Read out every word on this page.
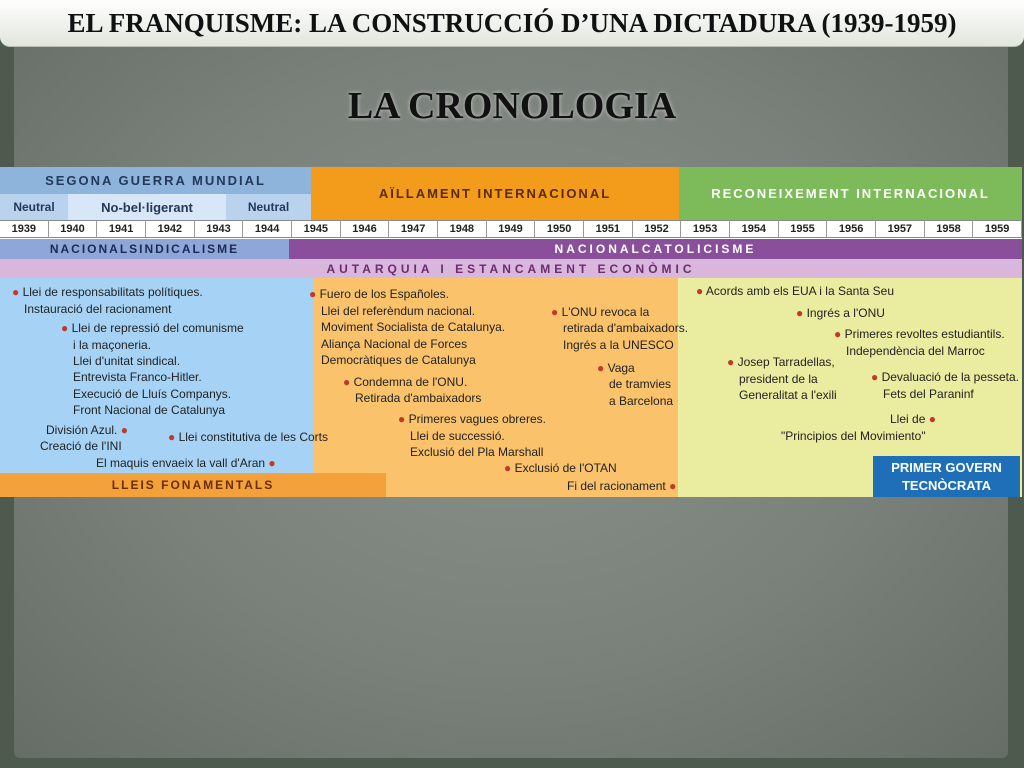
EL FRANQUISME: LA CONSTRUCCIÓ D’UNA DICTADURA (1939-1959)
LA CRONOLOGIA
SEGONA GUERRA MUNDIAL
AÏLLAMENT INTERNACIONAL	RECONEIXEMENT INTERNACIONAL
Neutral	No-bel·ligerant	Neutral
1939	1940	1941	1942	1943	1944	1945	1946	1947	1948	1949	1950	1951	1952	1953	1954	1955	1956	1957	1958	1959
NACIONALSINDICALISME	NACIONALCATOLICISME
AUTARQUIA I ESTANCAMENT ECONÒMIC
LLEIS FONAMENTALS
PRIMER GOVERN
TECNÒCRATA
● Llei de responsabilitats polítiques.
Instauració del racionament
● Llei de repressió del comunisme
i la maçoneria.
Llei d'unitat sindical.
Entrevista Franco-Hitler.
Execució de Lluís Companys.
Front Nacional de Catalunya
División Azul. ●
Creació de l'INI
● Llei constitutiva de les Corts
El maquis envaeix la vall d'Aran ●
● Fuero de los Españoles.
Llei del referèndum nacional.
Moviment Socialista de Catalunya.
Aliança Nacional de Forces
Democràtiques de Catalunya
● Condemna de l'ONU.
Retirada d'ambaixadors
● Primeres vagues obreres.
Llei de successió.
Exclusió del Pla Marshall
● L'ONU revoca la
retirada d'ambaixadors.
Ingrés a la UNESCO
● Vaga
de tramvies
a Barcelona
● Exclusió de l'OTAN
Fi del racionament ●
● Acords amb els EUA i la Santa Seu
● Ingrés a l'ONU
● Primeres revoltes estudiantils.
Independència del Marroc
● Josep Tarradellas,
president de la
Generalitat a l'exili
● Devaluació de la pesseta.
Fets del Paraninf
Llei de ●
"Principios del Movimiento"
